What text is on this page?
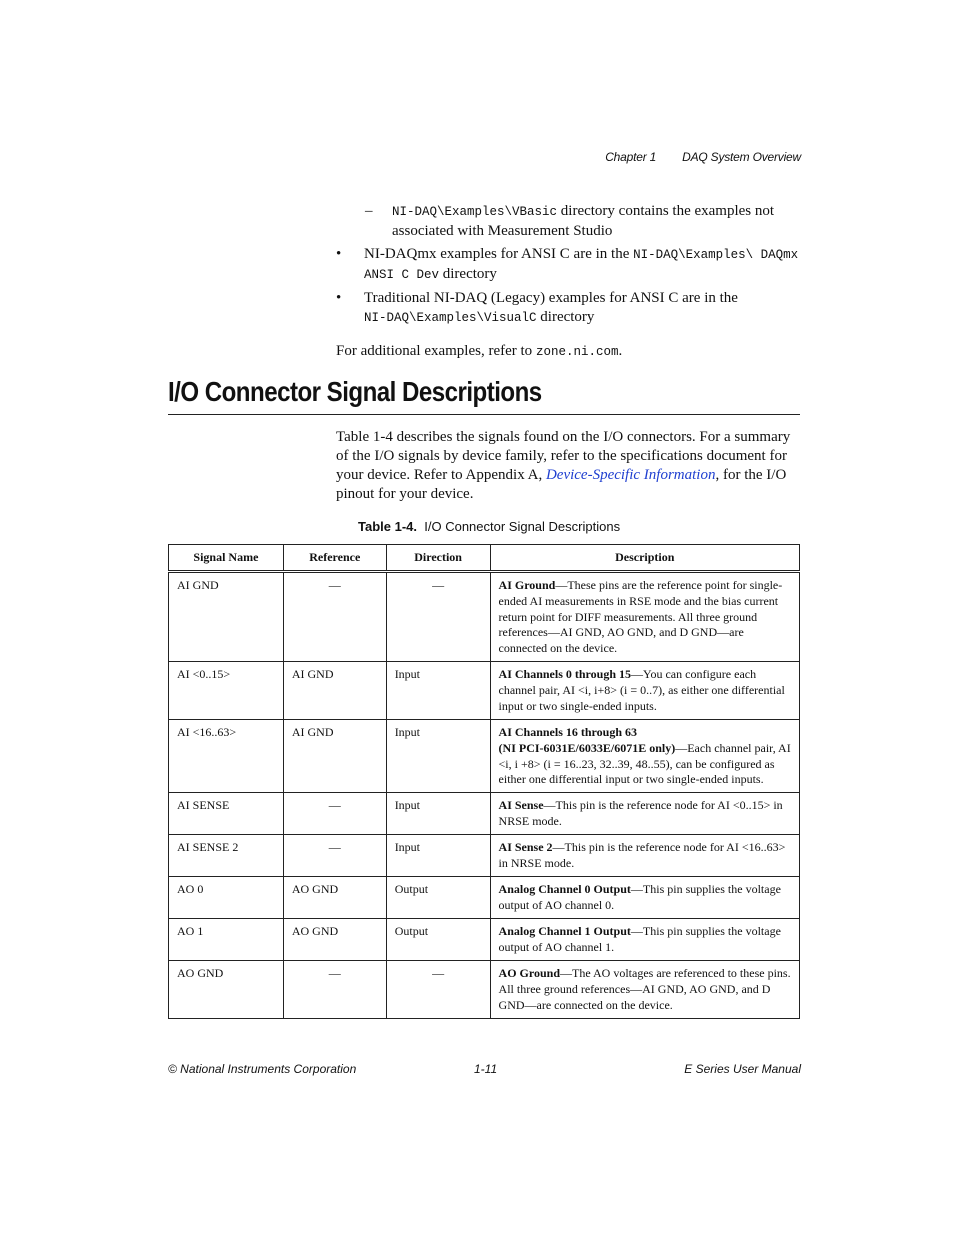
Chapter 1 DAQ System Overview
– NI-DAQ\Examples\VBasic directory contains the examples not associated with Measurement Studio
• NI-DAQmx examples for ANSI C are in the NI-DAQ\Examples\ DAQmx ANSI C Dev directory
• Traditional NI-DAQ (Legacy) examples for ANSI C are in the
NI-DAQ\Examples\VisualC directory
For additional examples, refer to zone.ni.com.
I/O Connector Signal Descriptions
Table 1-4 describes the signals found on the I/O connectors. For a summary of the I/O signals by device family, refer to the specifications document for your device. Refer to Appendix A, Device-Specific Information, for the I/O pinout for your device.
Table 1-4. I/O Connector Signal Descriptions
Signal Name	Reference	Direction	Description
AI GND	—	—	AI Ground—These pins are the reference point for single-ended AI measurements in RSE mode and the bias current return point for DIFF measurements. All three ground references—AI GND, AO GND, and D GND—are connected on the device.
AI <0..15>	AI GND	Input	AI Channels 0 through 15—You can configure each channel pair, AI <i, i+8> (i = 0..7), as either one differential input or two single-ended inputs.
AI <16..63>	AI GND	Input	AI Channels 16 through 63
(NI PCI-6031E/6033E/6071E only)—Each channel pair, AI <i, i +8> (i = 16..23, 32..39, 48..55), can be configured as either one differential input or two single-ended inputs.
AI SENSE	—	Input	AI Sense—This pin is the reference node for AI <0..15> in NRSE mode.
AI SENSE 2	—	Input	AI Sense 2—This pin is the reference node for AI <16..63> in NRSE mode.
AO 0	AO GND	Output	Analog Channel 0 Output—This pin supplies the voltage output of AO channel 0.
AO 1	AO GND	Output	Analog Channel 1 Output—This pin supplies the voltage output of AO channel 1.
AO GND	—	—	AO Ground—The AO voltages are referenced to these pins. All three ground references—AI GND, AO GND, and D GND—are connected on the device.
© National Instruments Corporation	1-11	E Series User Manual
